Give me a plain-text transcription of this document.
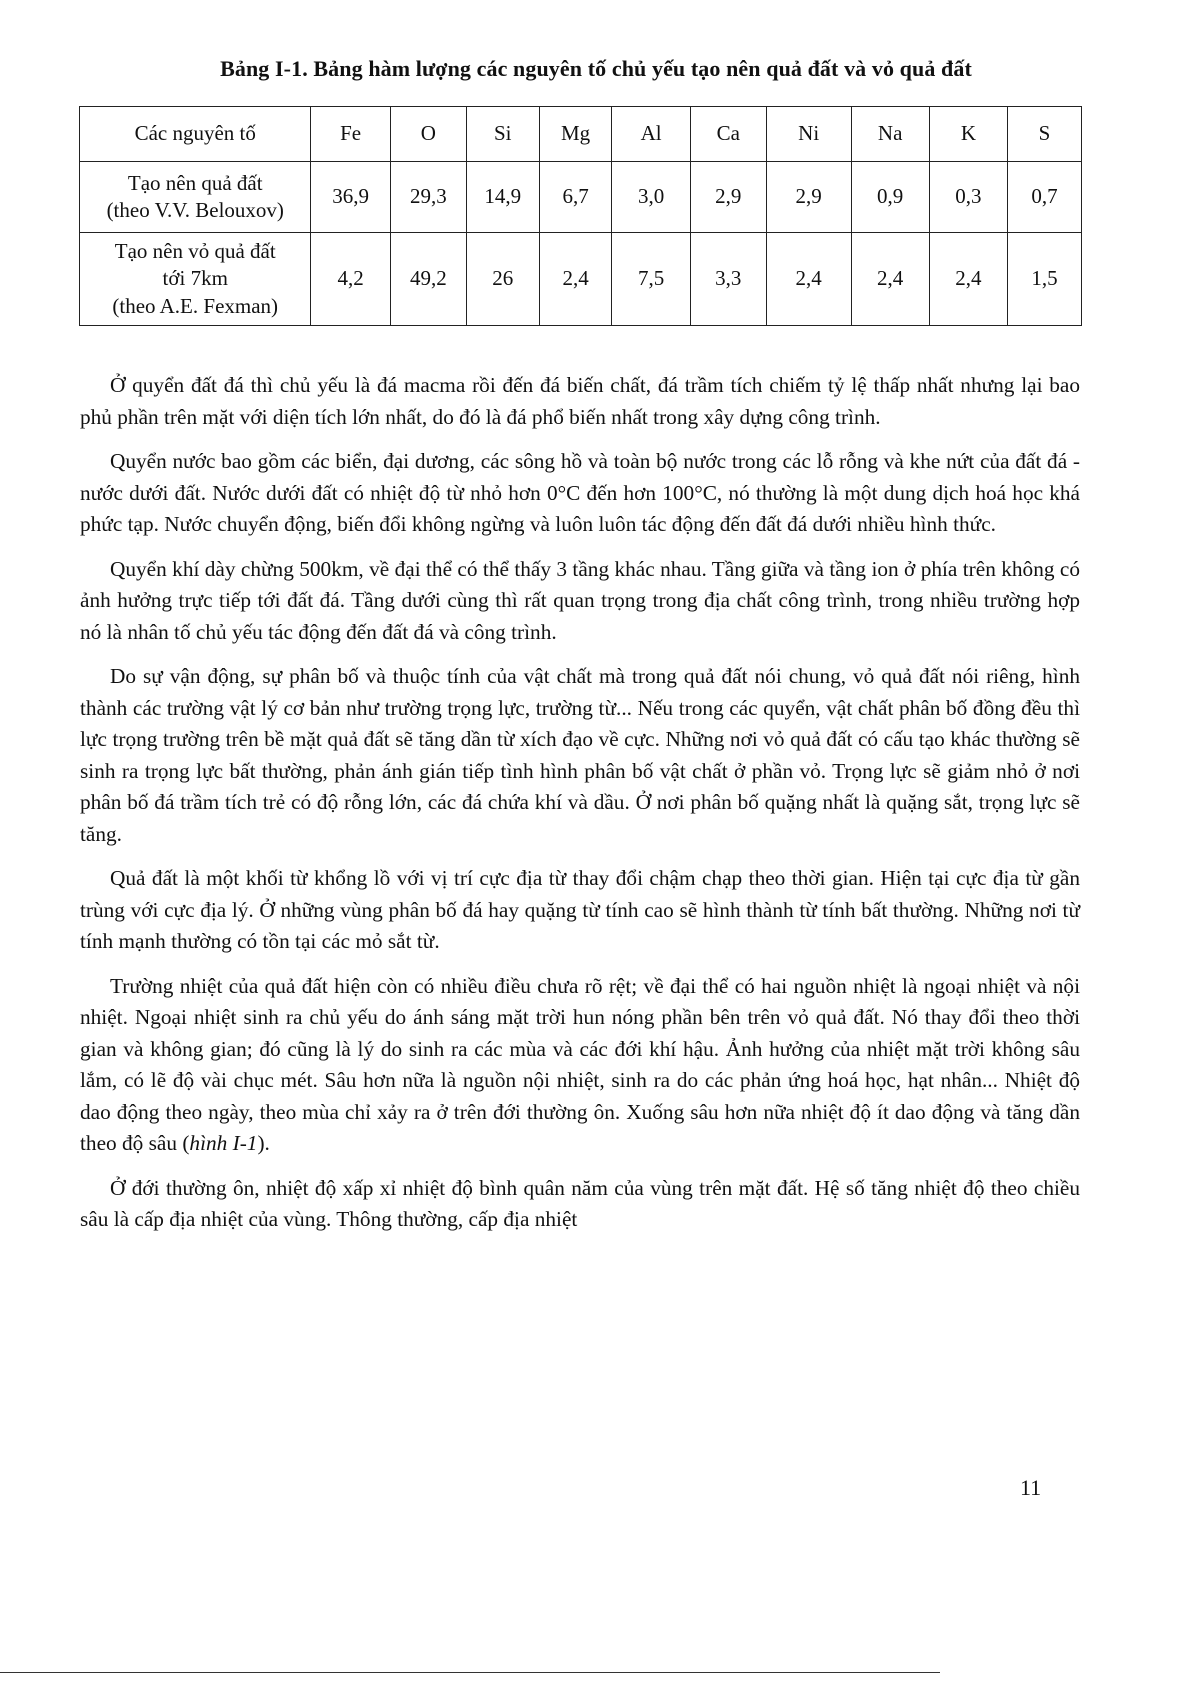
Bảng I-1. Bảng hàm lượng các nguyên tố chủ yếu tạo nên quả đất và vỏ quả đất
Các nguyên tố	Fe	O	Si	Mg	Al	Ca	Ni	Na	K	S

Tạo nên quả đất
(theo V.V. Belouxov)	36,9	29,3	14,9	6,7	3,0	2,9	2,9	0,9	0,3	0,7

Tạo nên vỏ quả đất
tới 7km
(theo A.E. Fexman)	4,2	49,2	26	2,4	7,5	3,3	2,4	2,4	2,4	1,5

Ở quyển đất đá thì chủ yếu là đá macma rồi đến đá biến chất, đá trầm tích chiếm tỷ lệ thấp nhất nhưng lại bao phủ phần trên mặt với diện tích lớn nhất, do đó là đá phổ biến nhất trong xây dựng công trình.

Quyển nước bao gồm các biển, đại dương, các sông hồ và toàn bộ nước trong các lỗ rỗng và khe nứt của đất đá - nước dưới đất. Nước dưới đất có nhiệt độ từ nhỏ hơn 0°C đến hơn 100°C, nó thường là một dung dịch hoá học khá phức tạp. Nước chuyển động, biến đổi không ngừng và luôn luôn tác động đến đất đá dưới nhiều hình thức.

Quyển khí dày chừng 500km, về đại thể có thể thấy 3 tầng khác nhau. Tầng giữa và tầng ion ở phía trên không có ảnh hưởng trực tiếp tới đất đá. Tầng dưới cùng thì rất quan trọng trong địa chất công trình, trong nhiều trường hợp nó là nhân tố chủ yếu tác động đến đất đá và công trình.

Do sự vận động, sự phân bố và thuộc tính của vật chất mà trong quả đất nói chung, vỏ quả đất nói riêng, hình thành các trường vật lý cơ bản như trường trọng lực, trường từ... Nếu trong các quyển, vật chất phân bố đồng đều thì lực trọng trường trên bề mặt quả đất sẽ tăng dần từ xích đạo về cực. Những nơi vỏ quả đất có cấu tạo khác thường sẽ sinh ra trọng lực bất thường, phản ánh gián tiếp tình hình phân bố vật chất ở phần vỏ. Trọng lực sẽ giảm nhỏ ở nơi phân bố đá trầm tích trẻ có độ rỗng lớn, các đá chứa khí và dầu. Ở nơi phân bố quặng nhất là quặng sắt, trọng lực sẽ tăng.

Quả đất là một khối từ khổng lồ với vị trí cực địa từ thay đổi chậm chạp theo thời gian. Hiện tại cực địa từ gần trùng với cực địa lý. Ở những vùng phân bố đá hay quặng từ tính cao sẽ hình thành từ tính bất thường. Những nơi từ tính mạnh thường có tồn tại các mỏ sắt từ.

Trường nhiệt của quả đất hiện còn có nhiều điều chưa rõ rệt; về đại thể có hai nguồn nhiệt là ngoại nhiệt và nội nhiệt. Ngoại nhiệt sinh ra chủ yếu do ánh sáng mặt trời hun nóng phần bên trên vỏ quả đất. Nó thay đổi theo thời gian và không gian; đó cũng là lý do sinh ra các mùa và các đới khí hậu. Ảnh hưởng của nhiệt mặt trời không sâu lắm, có lẽ độ vài chục mét. Sâu hơn nữa là nguồn nội nhiệt, sinh ra do các phản ứng hoá học, hạt nhân... Nhiệt độ dao động theo ngày, theo mùa chỉ xảy ra ở trên đới thường ôn. Xuống sâu hơn nữa nhiệt độ ít dao động và tăng dần theo độ sâu (hình I-1).

Ở đới thường ôn, nhiệt độ xấp xỉ nhiệt độ bình quân năm của vùng trên mặt đất. Hệ số tăng nhiệt độ theo chiều sâu là cấp địa nhiệt của vùng. Thông thường, cấp địa nhiệt

11
